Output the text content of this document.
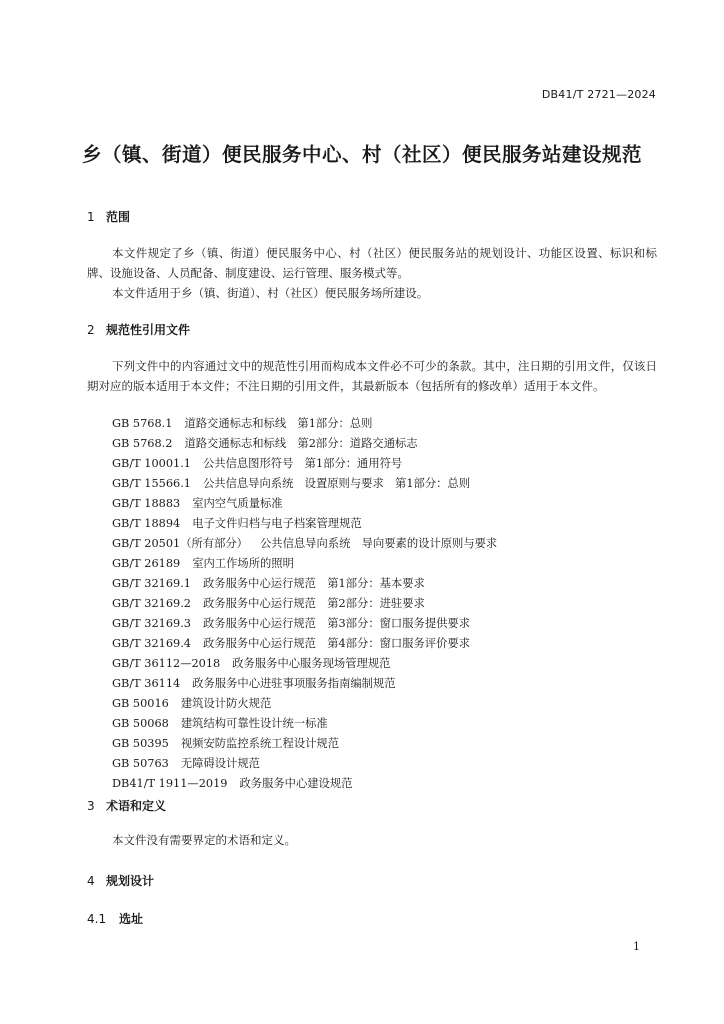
DB41/T 2721—2024
乡（镇、街道）便民服务中心、村（社区）便民服务站建设规范
1 范围
本文件规定了乡（镇、街道）便民服务中心、村（社区）便民服务站的规划设计、功能区设置、标识和标牌、设施设备、人员配备、制度建设、运行管理、服务模式等。
本文件适用于乡（镇、街道）、村（社区）便民服务场所建设。
2 规范性引用文件
下列文件中的内容通过文中的规范性引用而构成本文件必不可少的条款。其中，注日期的引用文件，仅该日期对应的版本适用于本文件；不注日期的引用文件，其最新版本（包括所有的修改单）适用于本文件。
GB 5768.1 道路交通标志和标线　第1部分：总则
GB 5768.2 道路交通标志和标线　第2部分：道路交通标志
GB/T 10001.1 公共信息图形符号　第1部分：通用符号
GB/T 15566.1 公共信息导向系统　设置原则与要求　第1部分：总则
GB/T 18883 室内空气质量标准
GB/T 18894 电子文件归档与电子档案管理规范
GB/T 20501（所有部分） 公共信息导向系统　导向要素的设计原则与要求
GB/T 26189 室内工作场所的照明
GB/T 32169.1 政务服务中心运行规范　第1部分：基本要求
GB/T 32169.2 政务服务中心运行规范　第2部分：进驻要求
GB/T 32169.3 政务服务中心运行规范　第3部分：窗口服务提供要求
GB/T 32169.4 政务服务中心运行规范　第4部分：窗口服务评价要求
GB/T 36112—2018 政务服务中心服务现场管理规范
GB/T 36114 政务服务中心进驻事项服务指南编制规范
GB 50016 建筑设计防火规范
GB 50068 建筑结构可靠性设计统一标准
GB 50395 视频安防监控系统工程设计规范
GB 50763 无障碍设计规范
DB41/T 1911—2019 政务服务中心建设规范
3 术语和定义
本文件没有需要界定的术语和定义。
4 规划设计
4.1 选址
1
